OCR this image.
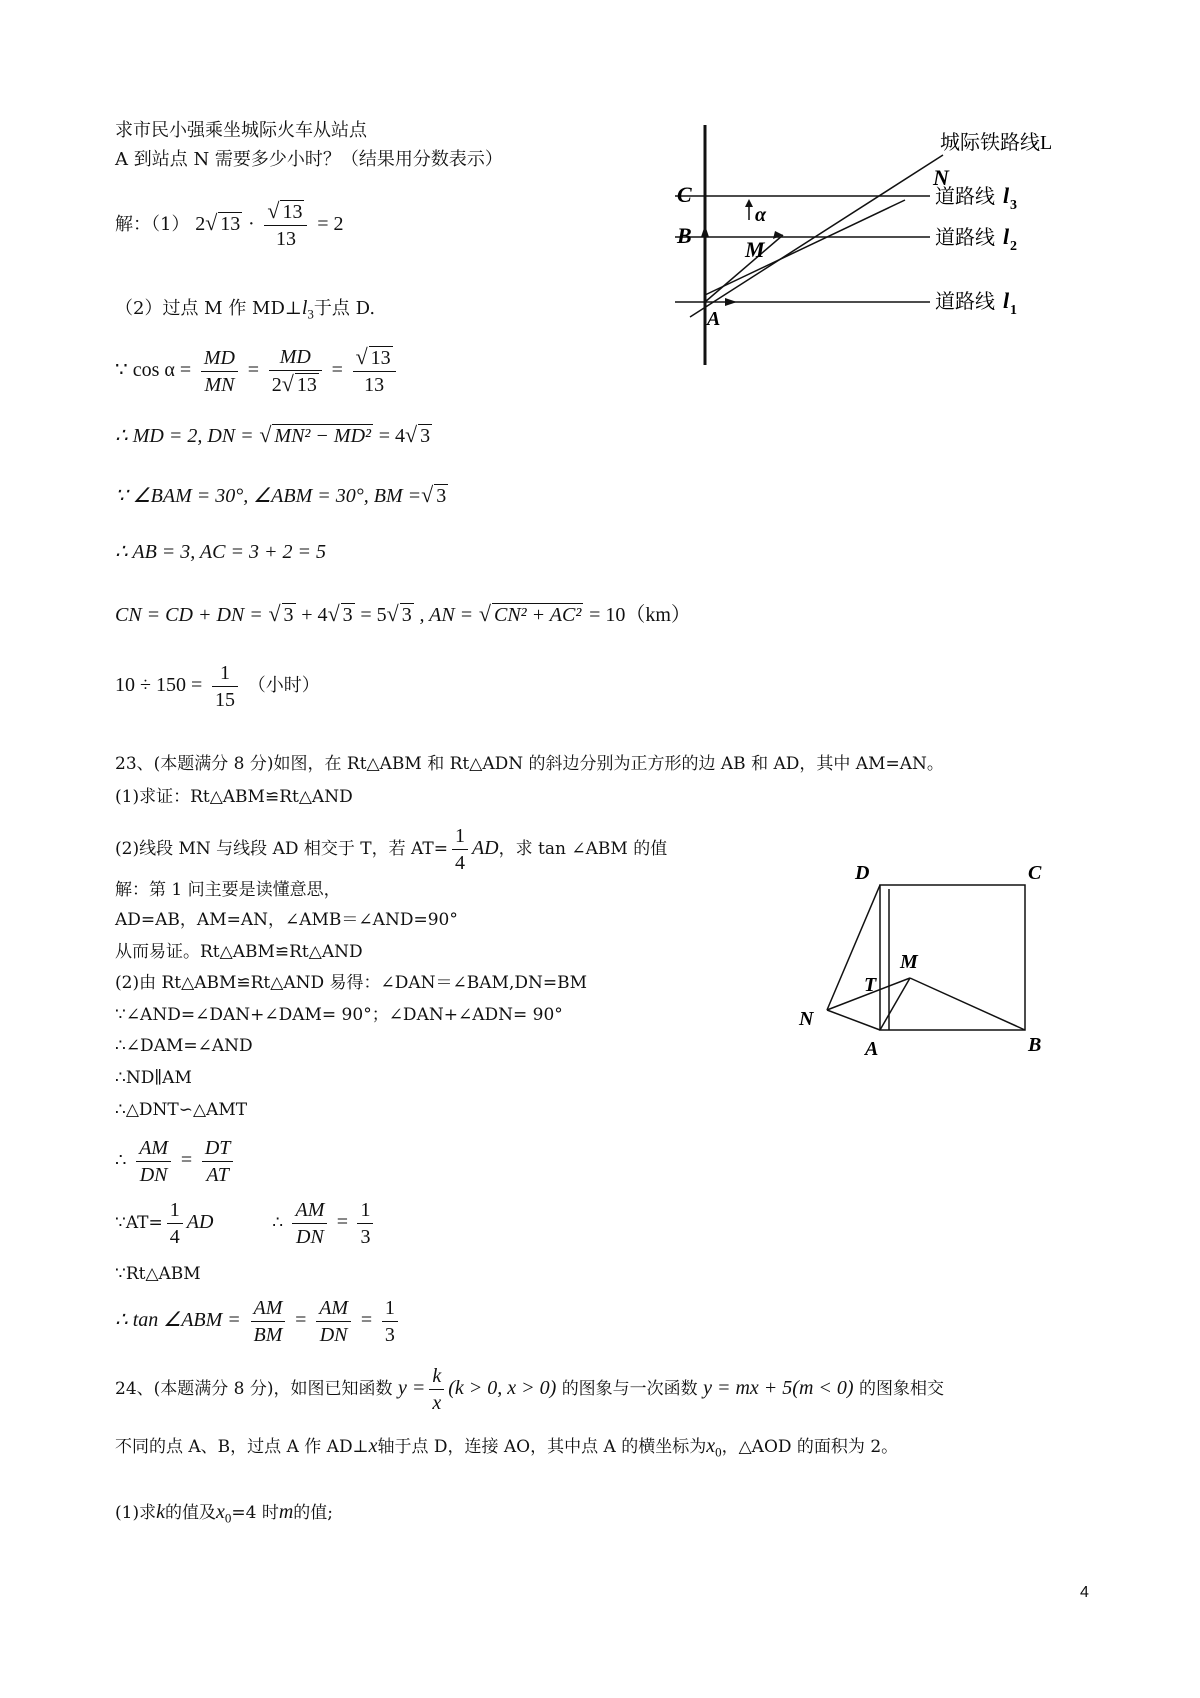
求市民小强乘坐城际火车从站点
A 到站点 N 需要多少小时？（结果用分数表示）
城际铁路线L
N
道路线 l 3
道路线 l 2
道路线 l 1
C
B
A
M
α
解：（1） 2√ $13 \cdot \frac{√ 13}{13} = 2$
（2）过点 M 作 $MD\perp l_3$于点 D.
∵ $\cos \alpha = \frac{MD}{MN} = \frac{MD}{2√ 13} = \frac{√ 13}{13}$
∴ MD = 2, DN = √ MN² − MD² = 4√ 3
∵ ∠BAM = 30°, ∠ABM = 30°, BM =√ 3
∴ AB = 3, AC = 3 + 2 = 5
CN = CD + DN = √ 3 + 4√ 3 = 5√ 3 , AN = √ CN² + AC² = 10（km）
$10 \div 150 = \frac{1}{15}$ （小时）
23、(本题满分 8 分)如图，在 Rt△ABM 和 Rt△ADN 的斜边分别为正方形的边 AB 和 AD，其中 AM=AN。
(1)求证：Rt△ABM≌Rt△AND
(2)线段 MN 与线段 AD 相交于 T，若 $AT= \frac{1}{4}$ AD，求 tan ∠ABM 的值
解：第 1 问主要是读懂意思，
AD=AB，AM=AN，∠AMB＝∠AND=90°
从而易证。Rt△ABM≌Rt△AND
(2)由 Rt△ABM≌Rt△AND 易得：∠DAN＝∠BAM,DN=BM
∵∠AND=∠DAN+∠DAM= 90°；∠DAN+∠ADN= 90°
∴∠DAM=∠AND
∴ND∥AM
∴△DNT∽△AMT
∴ $\frac{AM}{DN} = \frac{DT}{AT}$
∵AT= $\frac{1}{4}$ AD	∴ $\frac{AM}{DN} = \frac{1}{3}$
∵Rt△ABM
∴ tan ∠ABM = $\frac{AM}{BM} = \frac{AM}{DN} = \frac{1}{3}$
D	C
M
T
N
A	B
24、(本题满分 8 分)，如图已知函数 $y = \frac{k}{x} (k > 0$, x > 0) 的图象与一次函数 y = mx + 5(m < 0) 的图象相交
不同的点 A、B，过点 A 作 AD⊥x轴于点 D，连接 AO，其中点 A 的横坐标为$x_0$，△AOD 的面积为 2。
(1)求k的值及$x_0=4$ 时m的值;
4
